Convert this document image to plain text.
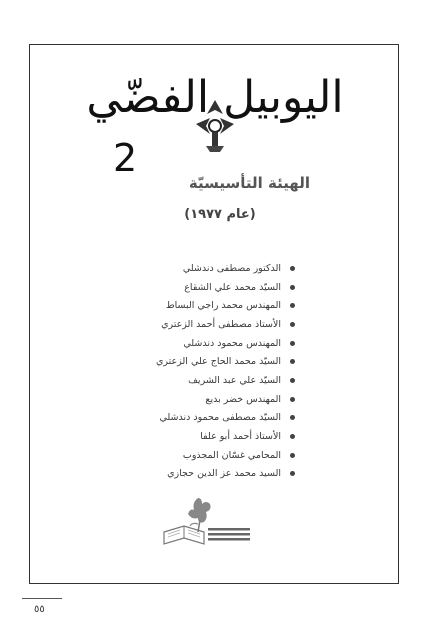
اليوبيل الفضّي
2
الهيئة التأسيسيّة
(عام ١٩٧٧)
الدكتور مصطفى دندشلي
السيّد محمد علي الشقاع
المهندس محمد راجي البساط
الأستاذ مصطفى أحمد الزعتري
المهندس محمود دندشلي
السيّد محمد الحاج علي الزعتري
السيّد علي عبد الشريف
المهندس خضر بديع
السيّد مصطفى محمود دندشلي
الأستاذ أحمد أبو علفا
المحامي غسّان المجذوب
السيد محمد عز الدين حجازي
٥٥
